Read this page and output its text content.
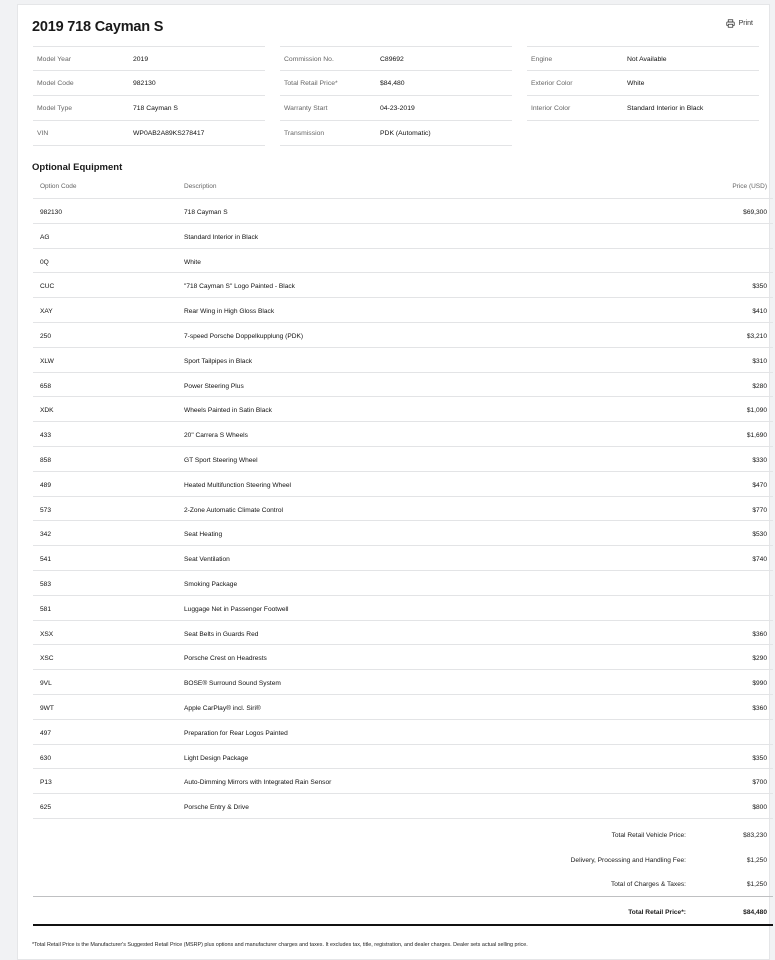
2019 718 Cayman S	Print
Model Year	2019
Model Code	982130
Model Type	718 Cayman S
VIN	WP0AB2A89KS278417
Commission No.	C89692
Total Retail Price*	$84,480
Warranty Start	04-23-2019
Transmission	PDK (Automatic)
Engine	Not Available
Exterior Color	White
Interior Color	Standard Interior in Black
Optional Equipment
Option Code	Description	Price (USD)
982130	718 Cayman S	$69,300
AG	Standard Interior in Black
0Q	White
CUC	"718 Cayman S" Logo Painted - Black	$350
XAY	Rear Wing in High Gloss Black	$410
250	7-speed Porsche Doppelkupplung (PDK)	$3,210
XLW	Sport Tailpipes in Black	$310
658	Power Steering Plus	$280
XDK	Wheels Painted in Satin Black	$1,090
433	20" Carrera S Wheels	$1,690
858	GT Sport Steering Wheel	$330
489	Heated Multifunction Steering Wheel	$470
573	2-Zone Automatic Climate Control	$770
342	Seat Heating	$530
541	Seat Ventilation	$740
583	Smoking Package
581	Luggage Net in Passenger Footwell
XSX	Seat Belts in Guards Red	$360
XSC	Porsche Crest on Headrests	$290
9VL	BOSE® Surround Sound System	$990
9WT	Apple CarPlay® incl. Siri®	$360
497	Preparation for Rear Logos Painted
630	Light Design Package	$350
P13	Auto-Dimming Mirrors with Integrated Rain Sensor	$700
625	Porsche Entry & Drive	$800
Total Retail Vehicle Price:	$83,230
Delivery, Processing and Handling Fee:	$1,250
Total of Charges & Taxes:	$1,250
Total Retail Price*:	$84,480
*Total Retail Price is the Manufacturer's Suggested Retail Price (MSRP) plus options and manufacturer charges and taxes. It excludes tax, title, registration, and dealer charges. Dealer sets actual selling price.
